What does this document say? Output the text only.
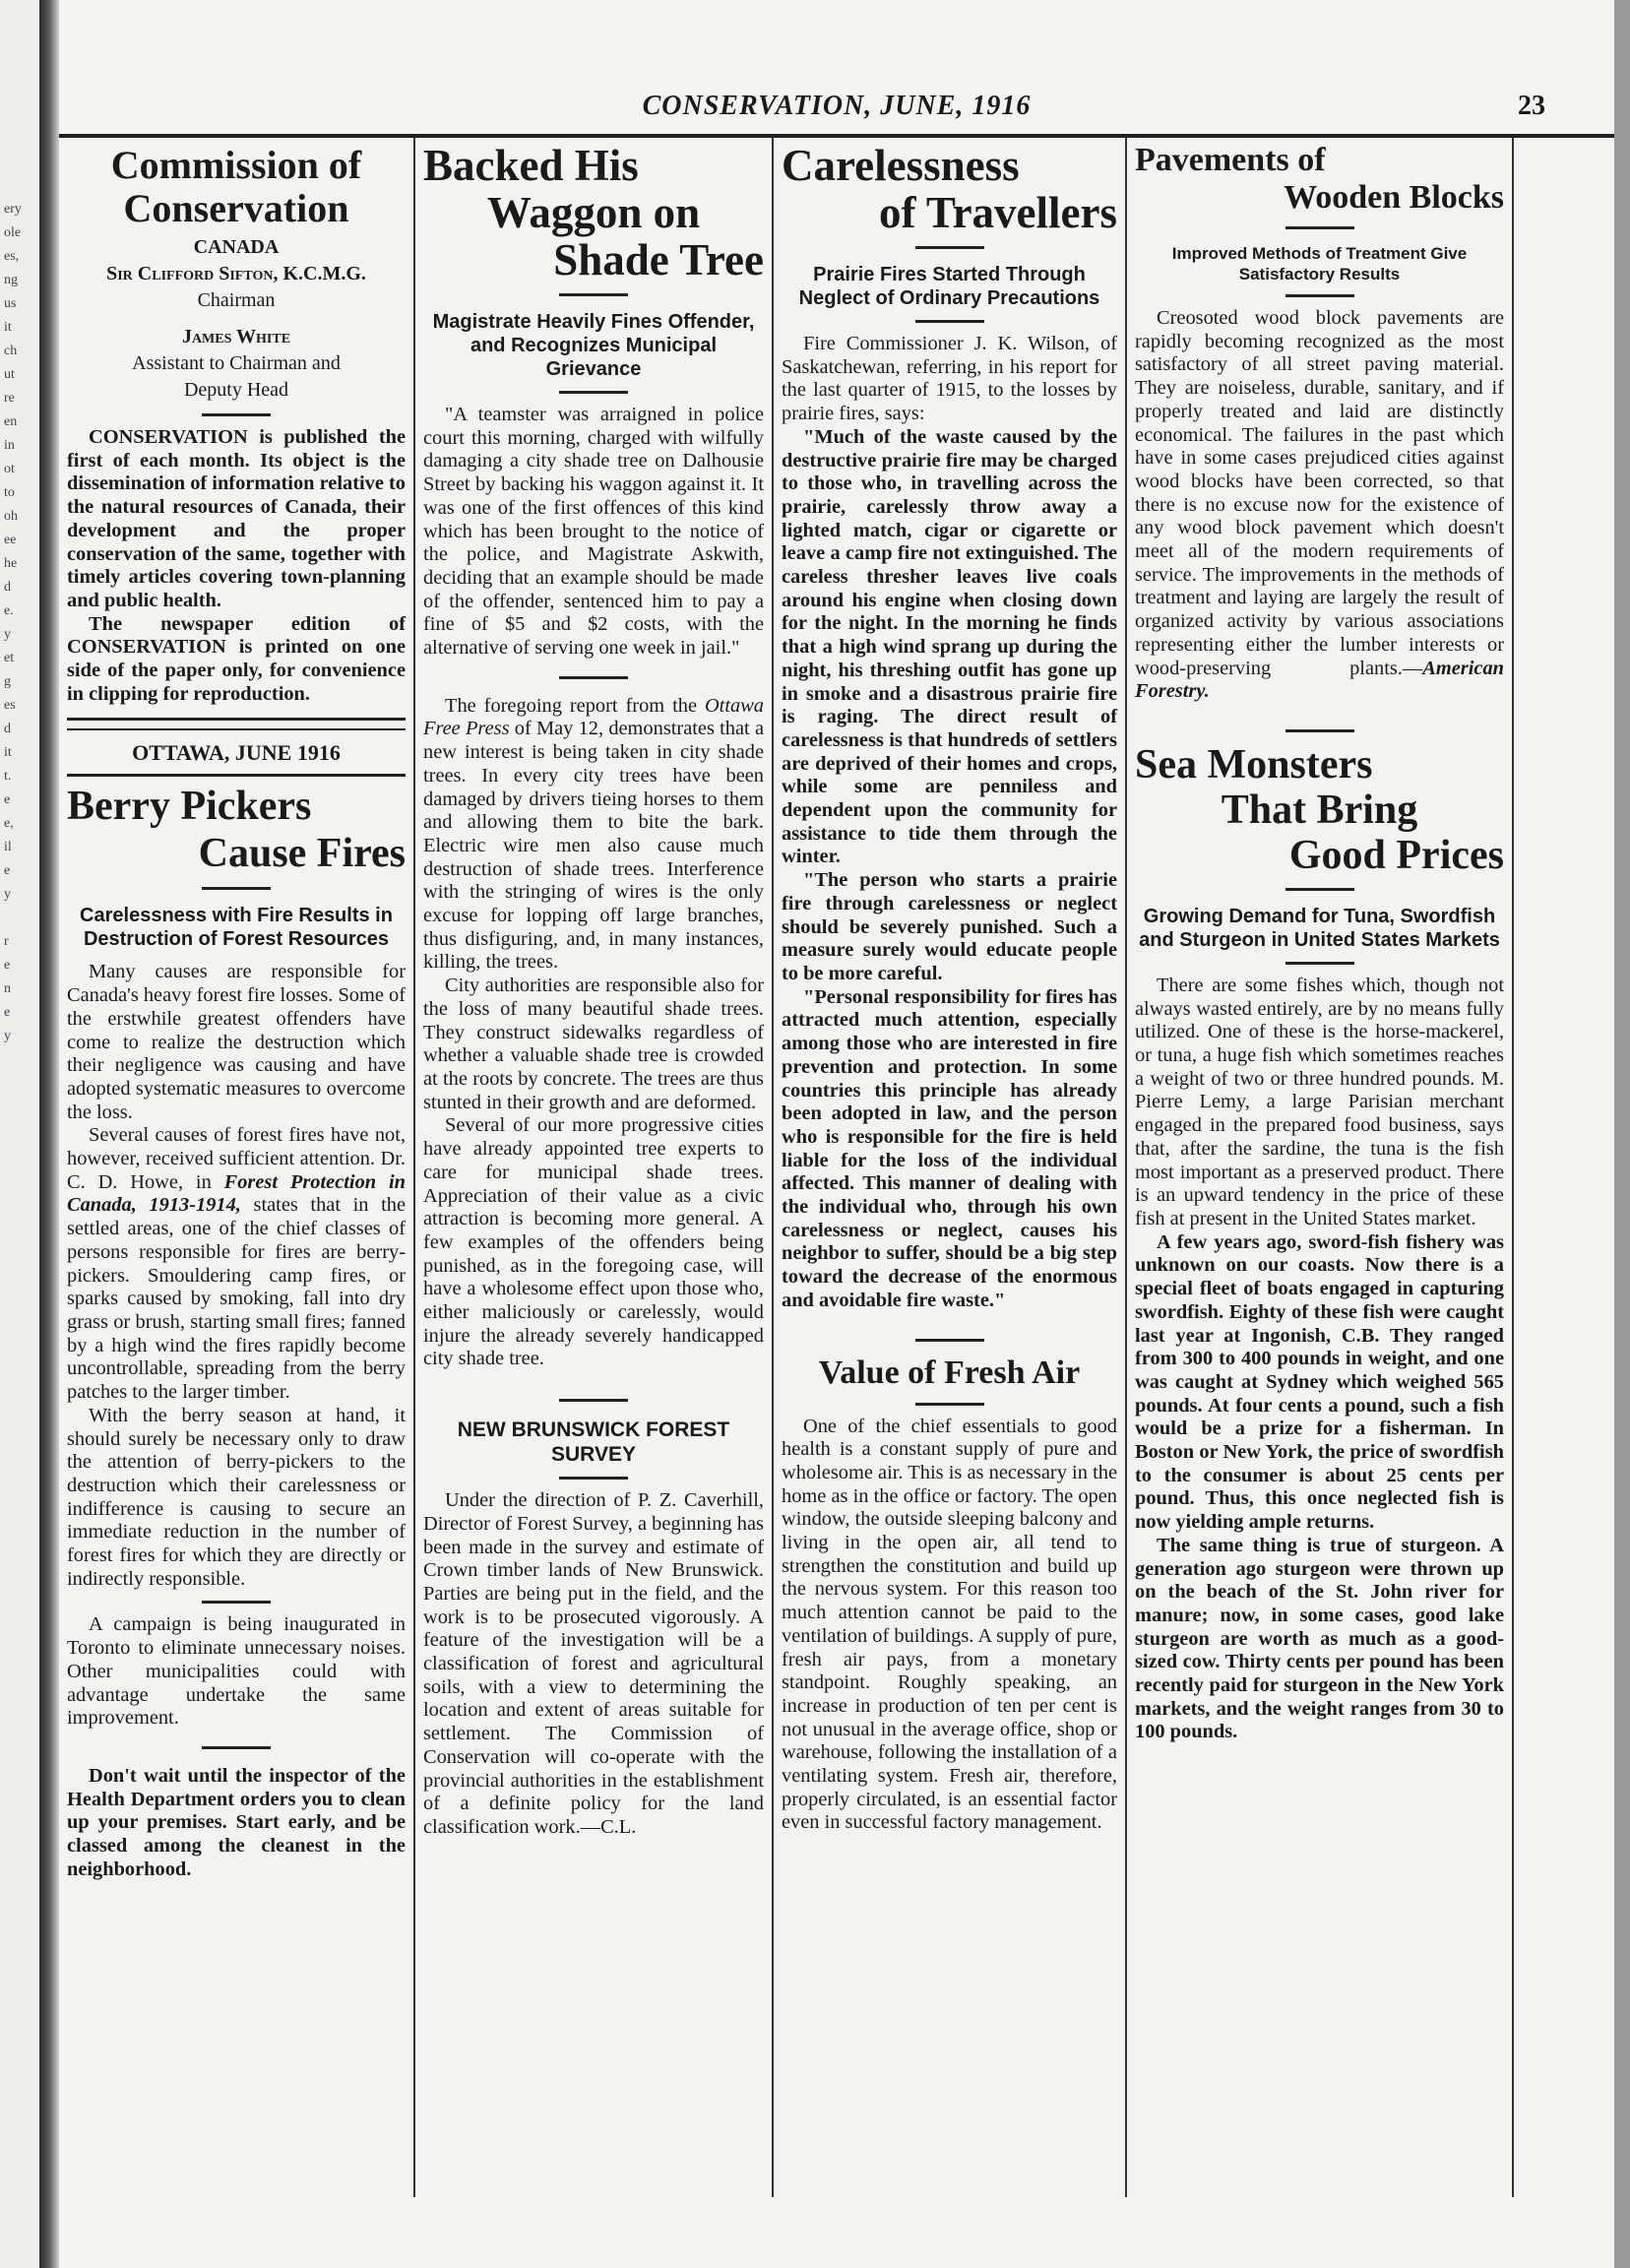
ery
ole
es,
ng
us
it
ch
ut
re
en
in
ot
to
oh
ee
he
d
e.
y
et
g
es
d
it
t.
e
e,
il
e
y
r
e
n
e
y
CONSERVATION, JUNE, 1916	23
Commission of
Conservation
CANADA
Sir Clifford Sifton, K.C.M.G.
Chairman
James White
Assistant to Chairman and
Deputy Head

CONSERVATION is published the first of each month. Its object is the dissemination of information relative to the natural resources of Canada, their development and the proper conservation of the same, together with timely articles covering town-planning and public health.

The newspaper edition of CONSERVATION is printed on one side of the paper only, for convenience in clipping for reproduction.

OTTAWA, JUNE 1916
Berry Pickers
Cause Fires
Carelessness with Fire Results in Destruction of Forest Resources

Many causes are responsible for Canada's heavy forest fire losses. Some of the erstwhile greatest offenders have come to realize the destruction which their negligence was causing and have adopted systematic measures to overcome the loss.

Several causes of forest fires have not, however, received sufficient attention. Dr. C. D. Howe, in Forest Protection in Canada, 1913-1914, states that in the settled areas, one of the chief classes of persons responsible for fires are berry-pickers. Smouldering camp fires, or sparks caused by smoking, fall into dry grass or brush, starting small fires; fanned by a high wind the fires rapidly become uncontrollable, spreading from the berry patches to the larger timber.

With the berry season at hand, it should surely be necessary only to draw the attention of berry-pickers to the destruction which their carelessness or indifference is causing to secure an immediate reduction in the number of forest fires for which they are directly or indirectly responsible.

A campaign is being inaugurated in Toronto to eliminate unnecessary noises. Other municipalities could with advantage undertake the same improvement.

Don't wait until the inspector of the Health Department orders you to clean up your premises. Start early, and be classed among the cleanest in the neighborhood.

Backed His
Waggon on
Shade Tree
Magistrate Heavily Fines Offender, and Recognizes Municipal Grievance

"A teamster was arraigned in police court this morning, charged with wilfully damaging a city shade tree on Dalhousie Street by backing his waggon against it. It was one of the first offences of this kind which has been brought to the notice of the police, and Magistrate Askwith, deciding that an example should be made of the offender, sentenced him to pay a fine of $5 and $2 costs, with the alternative of serving one week in jail."

The foregoing report from the Ottawa Free Press of May 12, demonstrates that a new interest is being taken in city shade trees. In every city trees have been damaged by drivers tieing horses to them and allowing them to bite the bark. Electric wire men also cause much destruction of shade trees. Interference with the stringing of wires is the only excuse for lopping off large branches, thus disfiguring, and, in many instances, killing, the trees.

City authorities are responsible also for the loss of many beautiful shade trees. They construct sidewalks regardless of whether a valuable shade tree is crowded at the roots by concrete. The trees are thus stunted in their growth and are deformed.

Several of our more progressive cities have already appointed tree experts to care for municipal shade trees. Appreciation of their value as a civic attraction is becoming more general. A few examples of the offenders being punished, as in the foregoing case, will have a wholesome effect upon those who, either maliciously or carelessly, would injure the already severely handicapped city shade tree.

NEW BRUNSWICK FOREST SURVEY

Under the direction of P. Z. Caverhill, Director of Forest Survey, a beginning has been made in the survey and estimate of Crown timber lands of New Brunswick. Parties are being put in the field, and the work is to be prosecuted vigorously. A feature of the investigation will be a classification of forest and agricultural soils, with a view to determining the location and extent of areas suitable for settlement. The Commission of Conservation will co-operate with the provincial authorities in the establishment of a definite policy for the land classification work.—C.L.

Carelessness
of Travellers
Prairie Fires Started Through Neglect of Ordinary Precautions

Fire Commissioner J. K. Wilson, of Saskatchewan, referring, in his report for the last quarter of 1915, to the losses by prairie fires, says:

"Much of the waste caused by the destructive prairie fire may be charged to those who, in travelling across the prairie, carelessly throw away a lighted match, cigar or cigarette or leave a camp fire not extinguished. The careless thresher leaves live coals around his engine when closing down for the night. In the morning he finds that a high wind sprang up during the night, his threshing outfit has gone up in smoke and a disastrous prairie fire is raging. The direct result of carelessness is that hundreds of settlers are deprived of their homes and crops, while some are penniless and dependent upon the community for assistance to tide them through the winter.

"The person who starts a prairie fire through carelessness or neglect should be severely punished. Such a measure surely would educate people to be more careful.

"Personal responsibility for fires has attracted much attention, especially among those who are interested in fire prevention and protection. In some countries this principle has already been adopted in law, and the person who is responsible for the fire is held liable for the loss of the individual affected. This manner of dealing with the individual who, through his own carelessness or neglect, causes his neighbor to suffer, should be a big step toward the decrease of the enormous and avoidable fire waste."

Value of Fresh Air

One of the chief essentials to good health is a constant supply of pure and wholesome air. This is as necessary in the home as in the office or factory. The open window, the outside sleeping balcony and living in the open air, all tend to strengthen the constitution and build up the nervous system. For this reason too much attention cannot be paid to the ventilation of buildings. A supply of pure, fresh air pays, from a monetary standpoint. Roughly speaking, an increase in production of ten per cent is not unusual in the average office, shop or warehouse, following the installation of a ventilating system. Fresh air, therefore, properly circulated, is an essential factor even in successful factory management.

Pavements of
Wooden Blocks
Improved Methods of Treatment Give Satisfactory Results

Creosoted wood block pavements are rapidly becoming recognized as the most satisfactory of all street paving material. They are noiseless, durable, sanitary, and if properly treated and laid are distinctly economical. The failures in the past which have in some cases prejudiced cities against wood blocks have been corrected, so that there is no excuse now for the existence of any wood block pavement which doesn't meet all of the modern requirements of service. The improvements in the methods of treatment and laying are largely the result of organized activity by various associations representing either the lumber interests or wood-preserving plants.—American Forestry.

Sea Monsters
That Bring
Good Prices
Growing Demand for Tuna, Swordfish and Sturgeon in United States Markets

There are some fishes which, though not always wasted entirely, are by no means fully utilized. One of these is the horse-mackerel, or tuna, a huge fish which sometimes reaches a weight of two or three hundred pounds. M. Pierre Lemy, a large Parisian merchant engaged in the prepared food business, says that, after the sardine, the tuna is the fish most important as a preserved product. There is an upward tendency in the price of these fish at present in the United States market.

A few years ago, sword-fish fishery was unknown on our coasts. Now there is a special fleet of boats engaged in capturing swordfish. Eighty of these fish were caught last year at Ingonish, C.B. They ranged from 300 to 400 pounds in weight, and one was caught at Sydney which weighed 565 pounds. At four cents a pound, such a fish would be a prize for a fisherman. In Boston or New York, the price of swordfish to the consumer is about 25 cents per pound. Thus, this once neglected fish is now yielding ample returns.

The same thing is true of sturgeon. A generation ago sturgeon were thrown up on the beach of the St. John river for manure; now, in some cases, good lake sturgeon are worth as much as a good-sized cow. Thirty cents per pound has been recently paid for sturgeon in the New York markets, and the weight ranges from 30 to 100 pounds.
